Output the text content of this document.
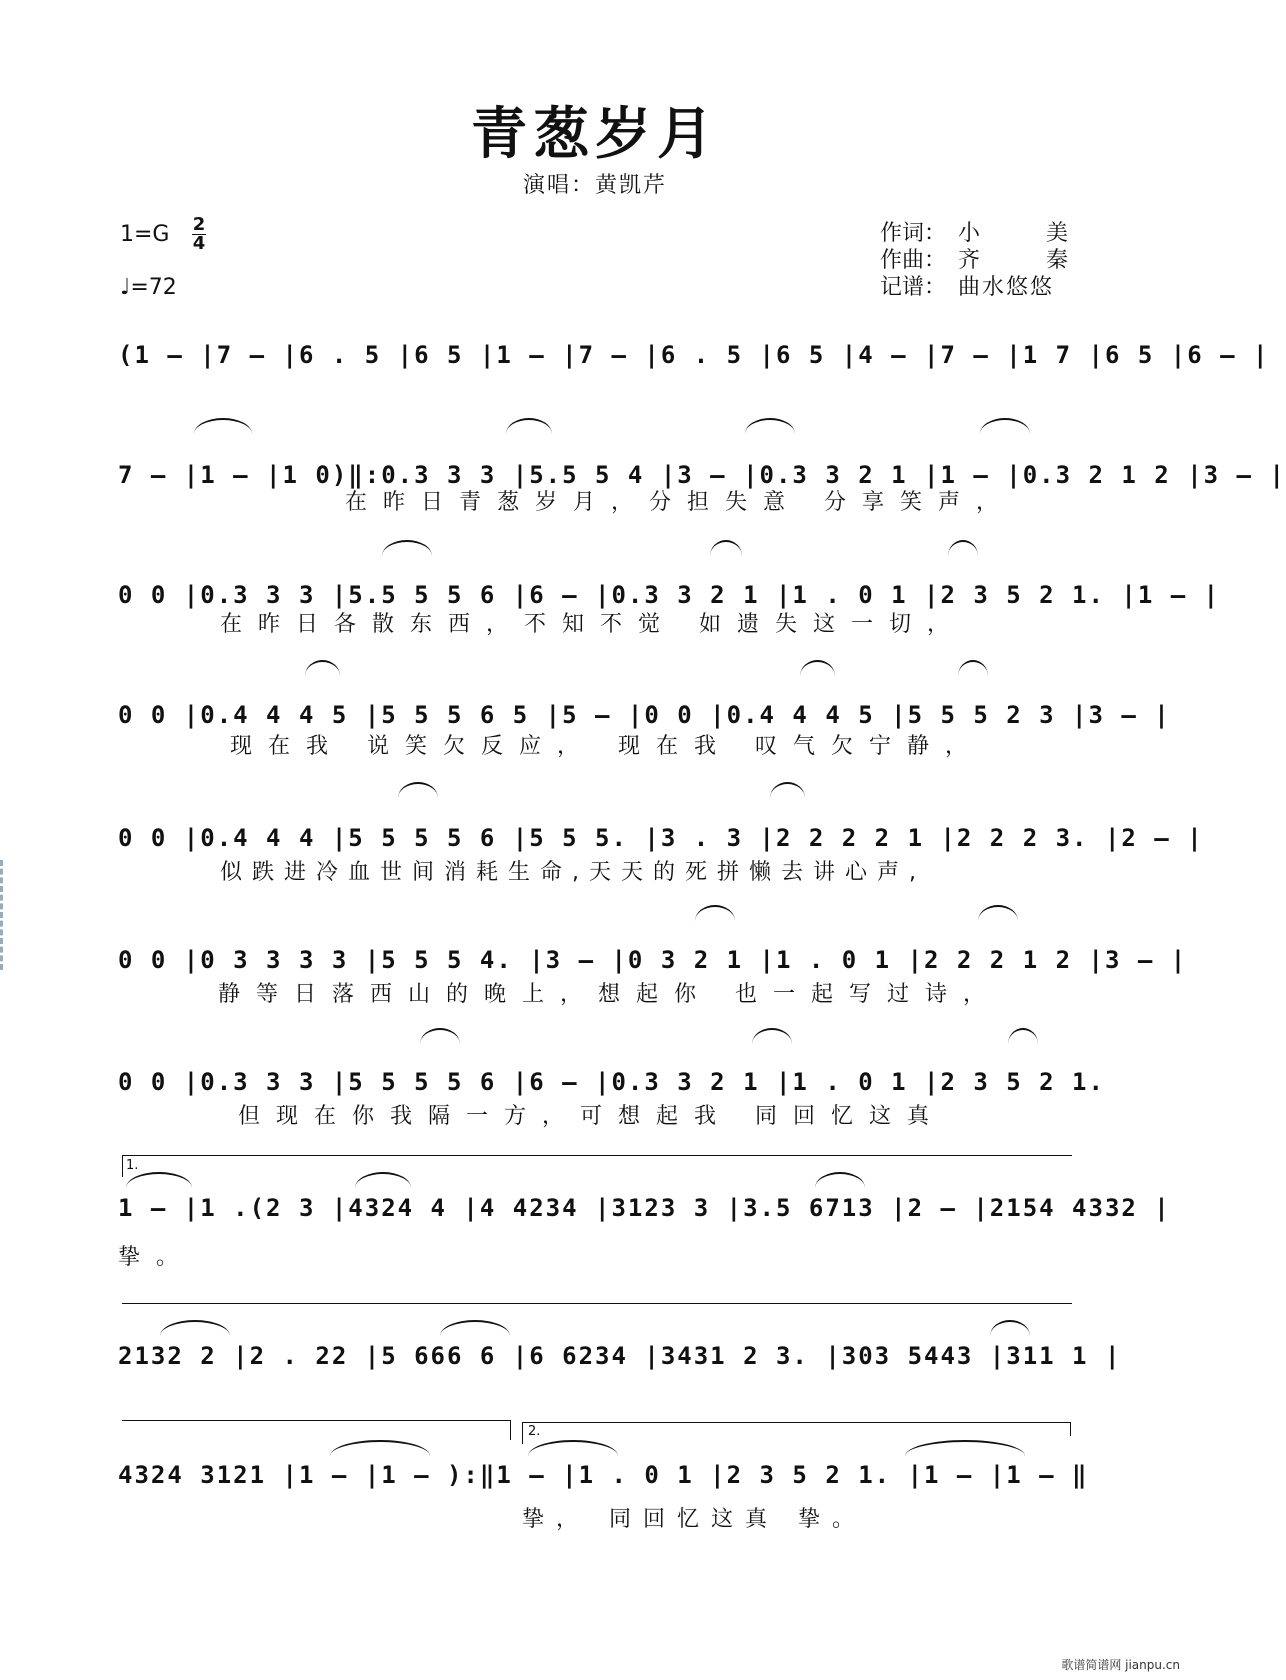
青葱岁月
演唱：黄凯芹
1=G 2
4
♩=72
作词： 小	美
作曲： 齐	秦
记谱： 曲水悠悠
(1 – |7 – |6 . 5 |6 5 |1 – |7 – |6 . 5 |6 5 |4 – |7 – |1 7 |6 5 |6 – |
7 – |1 – |1 0)‖:0.3 3 3 |5.5 5 4 |3 – |0.3 3 2 1 |1 – |0.3 2 1 2 |3 – |
在昨日青葱岁月，分担失意 分享笑声，
0 0 |0.3 3 3 |5.5 5 5 6 |6 – |0.3 3 2 1 |1 . 0 1 |2 3 5 2 1. |1 – |
在昨日各散东西，不知不觉 如遗失这一切，
0 0 |0.4 4 4 5 |5 5 5 6 5 |5 – |0 0 |0.4 4 4 5 |5 5 5 2 3 |3 – |
现在我 说笑欠反应， 现在我 叹气欠宁静，
0 0 |0.4 4 4 |5 5 5 5 6 |5 5 5. |3 . 3 |2 2 2 2 1 |2 2 2 3. |2 – |
似跌进冷血世间消耗生命,天天的死拼懒去讲心声,
0 0 |0 3 3 3 3 |5 5 5 4. |3 – |0 3 2 1 |1 . 0 1 |2 2 2 1 2 |3 – |
静等日落西山的晚上，想起你 也一起写过诗，
0 0 |0.3 3 3 |5 5 5 5 6 |6 – |0.3 3 2 1 |1 . 0 1 |2 3 5 2 1.
但现在你我隔一方，可想起我 同回忆这真
1.
1 – |1 .(2 3 |4324 4 |4 4234 |3123 3 |3.5 6713 |2 – |2154 4332 |
挚。
2132 2 |2 . 22 |5 666 6 |6 6234 |3431 2 3. |303 5443 |311 1 |
2.
4324 3121 |1 – |1 – ):‖1 – |1 . 0 1 |2 3 5 2 1. |1 – |1 – ‖
挚， 同回忆这真 挚。
歌谱简谱网 jianpu.cn
